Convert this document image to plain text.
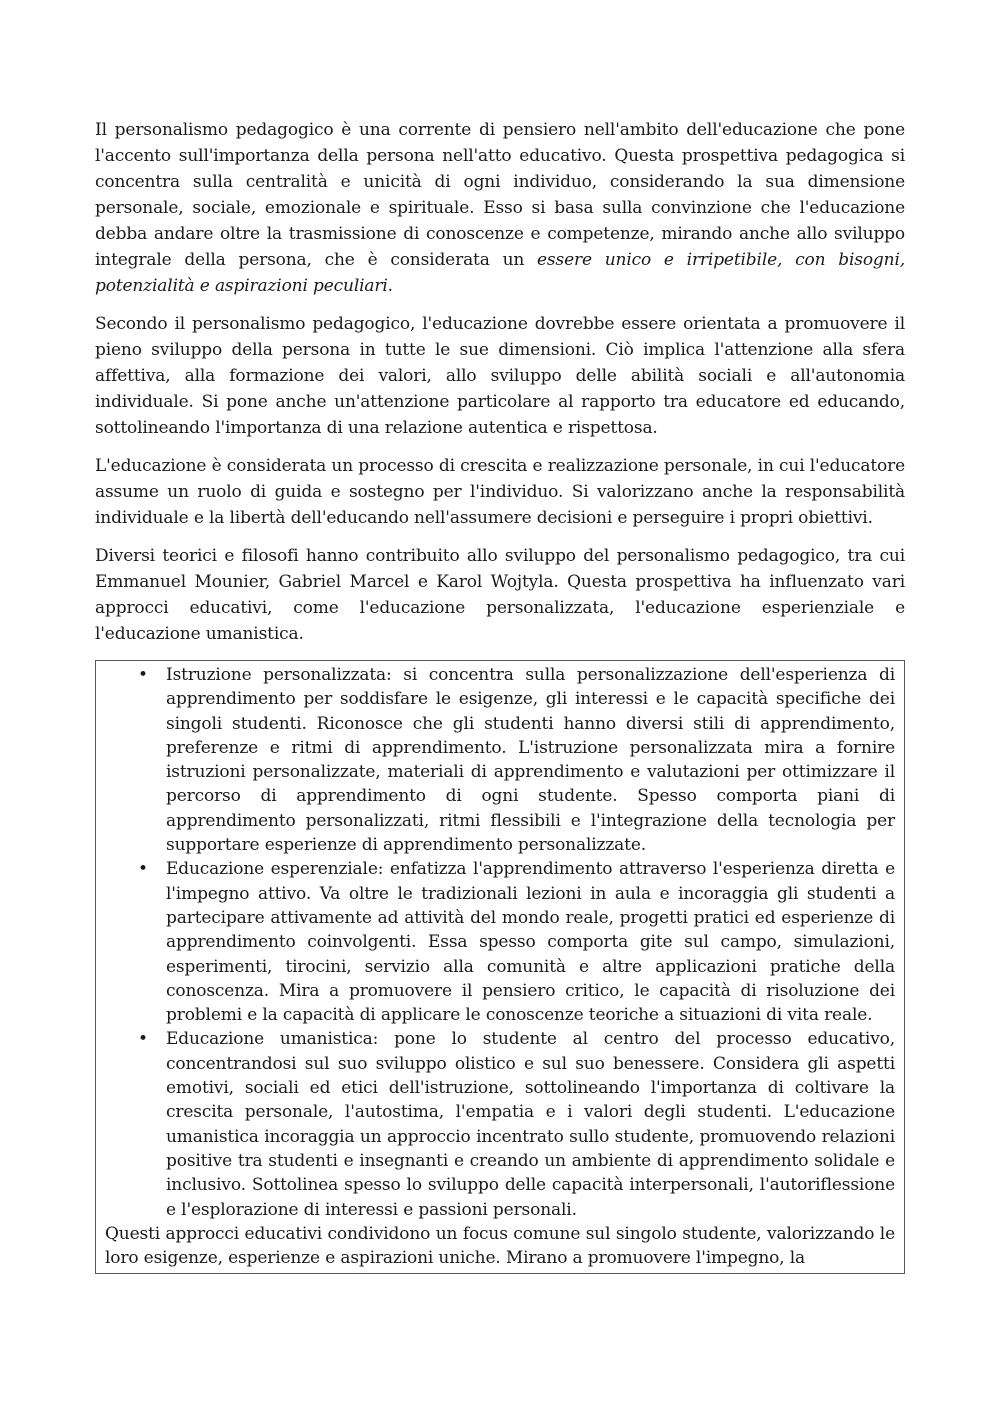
Il personalismo pedagogico è una corrente di pensiero nell'ambito dell'educazione che pone l'accento sull'importanza della persona nell'atto educativo. Questa prospettiva pedagogica si concentra sulla centralità e unicità di ogni individuo, considerando la sua dimensione personale, sociale, emozionale e spirituale. Esso si basa sulla convinzione che l'educazione debba andare oltre la trasmissione di conoscenze e competenze, mirando anche allo sviluppo integrale della persona, che è considerata un essere unico e irripetibile, con bisogni, potenzialità e aspirazioni peculiari.

Secondo il personalismo pedagogico, l'educazione dovrebbe essere orientata a promuovere il pieno sviluppo della persona in tutte le sue dimensioni. Ciò implica l'attenzione alla sfera affettiva, alla formazione dei valori, allo sviluppo delle abilità sociali e all'autonomia individuale. Si pone anche un'attenzione particolare al rapporto tra educatore ed educando, sottolineando l'importanza di una relazione autentica e rispettosa.

L'educazione è considerata un processo di crescita e realizzazione personale, in cui l'educatore assume un ruolo di guida e sostegno per l'individuo. Si valorizzano anche la responsabilità individuale e la libertà dell'educando nell'assumere decisioni e perseguire i propri obiettivi.

Diversi teorici e filosofi hanno contribuito allo sviluppo del personalismo pedagogico, tra cui Emmanuel Mounier, Gabriel Marcel e Karol Wojtyla. Questa prospettiva ha influenzato vari approcci educativi, come l'educazione personalizzata, l'educazione esperienziale e l'educazione umanistica.

• Istruzione personalizzata: si concentra sulla personalizzazione dell'esperienza di apprendimento per soddisfare le esigenze, gli interessi e le capacità specifiche dei singoli studenti. Riconosce che gli studenti hanno diversi stili di apprendimento, preferenze e ritmi di apprendimento. L'istruzione personalizzata mira a fornire istruzioni personalizzate, materiali di apprendimento e valutazioni per ottimizzare il percorso di apprendimento di ogni studente. Spesso comporta piani di apprendimento personalizzati, ritmi flessibili e l'integrazione della tecnologia per supportare esperienze di apprendimento personalizzate.
• Educazione esperenziale: enfatizza l'apprendimento attraverso l'esperienza diretta e l'impegno attivo. Va oltre le tradizionali lezioni in aula e incoraggia gli studenti a partecipare attivamente ad attività del mondo reale, progetti pratici ed esperienze di apprendimento coinvolgenti. Essa spesso comporta gite sul campo, simulazioni, esperimenti, tirocini, servizio alla comunità e altre applicazioni pratiche della conoscenza. Mira a promuovere il pensiero critico, le capacità di risoluzione dei problemi e la capacità di applicare le conoscenze teoriche a situazioni di vita reale.
• Educazione umanistica: pone lo studente al centro del processo educativo, concentrandosi sul suo sviluppo olistico e sul suo benessere. Considera gli aspetti emotivi, sociali ed etici dell'istruzione, sottolineando l'importanza di coltivare la crescita personale, l'autostima, l'empatia e i valori degli studenti. L'educazione umanistica incoraggia un approccio incentrato sullo studente, promuovendo relazioni positive tra studenti e insegnanti e creando un ambiente di apprendimento solidale e inclusivo. Sottolinea spesso lo sviluppo delle capacità interpersonali, l'autoriflessione e l'esplorazione di interessi e passioni personali.

Questi approcci educativi condividono un focus comune sul singolo studente, valorizzando le loro esigenze, esperienze e aspirazioni uniche. Mirano a promuovere l'impegno, la
